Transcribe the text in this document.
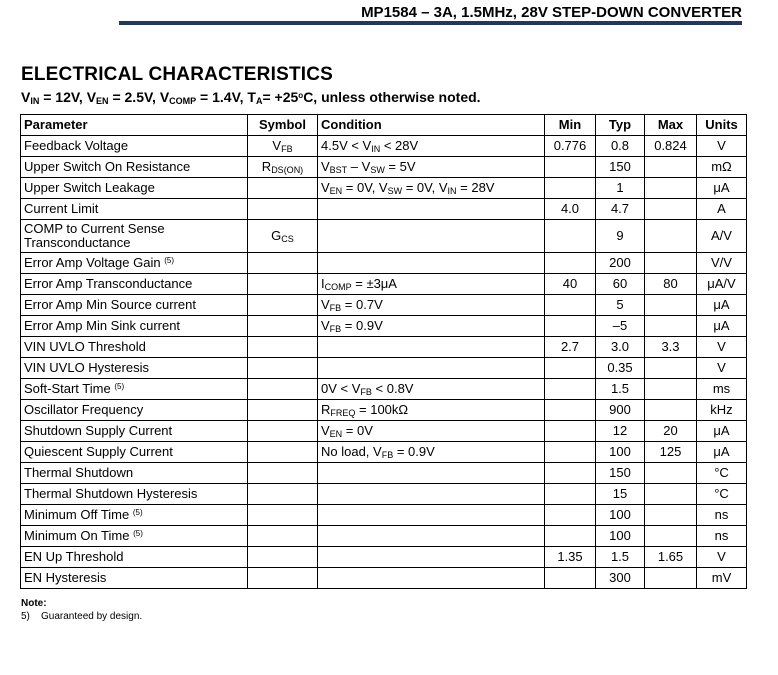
MP1584 – 3A, 1.5MHz, 28V STEP-DOWN CONVERTER
ELECTRICAL CHARACTERISTICS
$V_{IN} = 12V$, $V_{EN} = 2.5V$, $V_{COMP} = 1.4V$, $T_A= +25^oC$, unless otherwise noted.
Parameter	Symbol	Condition	Min	Typ	Max	Units
Feedback Voltage	$V_{FB}$	$4.5V < V_{IN} < 28V$	0.776	0.8	0.824	V
Upper Switch On Resistance	$R_{DS(ON)}$	$V_{BST} - V_{SW} = 5V$		150		mΩ
Upper Switch Leakage		$V_{EN} = 0V$, $V_{SW} = 0V$, $V_{IN} = 28V$		1		μA
Current Limit			4.0	4.7		A
COMP to Current Sense Transconductance	$G_{CS}$			9		A/V
Error Amp Voltage Gain $^{(5)}$				200		V/V
Error Amp Transconductance		$I_{COMP} = \pm 3\mu A$	40	60	80	μA/V
Error Amp Min Source current		$V_{FB} = 0.7V$		5		μA
Error Amp Min Sink current		$V_{FB} = 0.9V$		–5		μA
VIN UVLO Threshold			2.7	3.0	3.3	V
VIN UVLO Hysteresis				0.35		V
Soft-Start Time $^{(5)}$		$0V < V_{FB} < 0.8V$		1.5		ms
Oscillator Frequency		$R_{FREQ} = 100k\Omega$		900		kHz
Shutdown Supply Current		$V_{EN} = 0V$		12	20	μA
Quiescent Supply Current		No load, $V_{FB} = 0.9V$		100	125	μA
Thermal Shutdown				150		°C
Thermal Shutdown Hysteresis				15		°C
Minimum Off Time $^{(5)}$				100		ns
Minimum On Time $^{(5)}$				100		ns
EN Up Threshold			1.35	1.5	1.65	V
EN Hysteresis				300		mV
Note:
5) Guaranteed by design.
